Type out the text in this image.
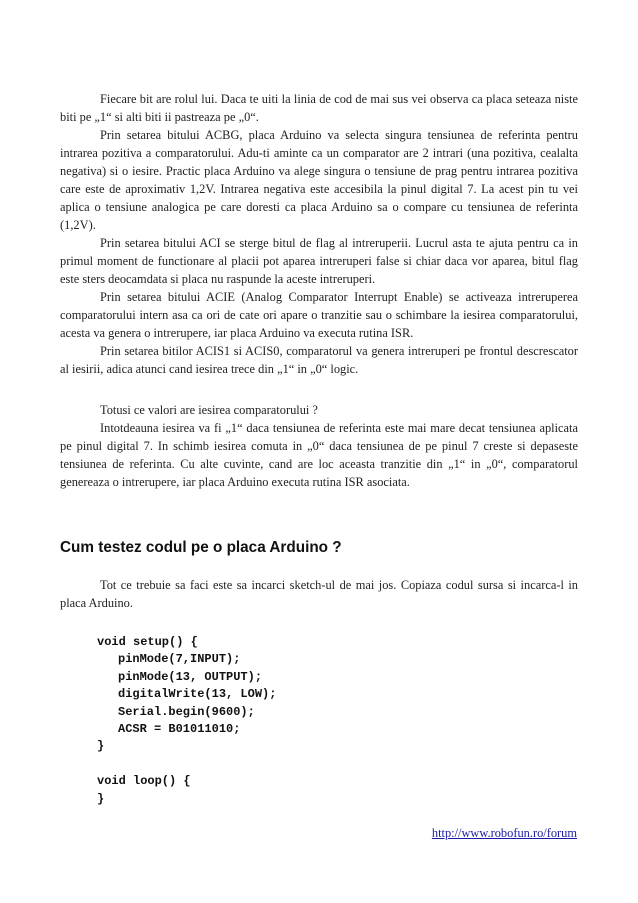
Fiecare bit are rolul lui. Daca te uiti la linia de cod de mai sus vei observa ca placa seteaza niste biti pe „1“ si alti biti ii pastreaza pe „0“.

Prin setarea bitului ACBG, placa Arduino va selecta singura tensiunea de referinta pentru intrarea pozitiva a comparatorului. Adu-ti aminte ca un comparator are 2 intrari (una pozitiva, cealalta negativa) si o iesire. Practic placa Arduino va alege singura o tensiune de prag pentru intrarea pozitiva care este de aproximativ 1,2V. Intrarea negativa este accesibila la pinul digital 7. La acest pin tu vei aplica o tensiune analogica pe care doresti ca placa Arduino sa o compare cu tensiunea de referinta (1,2V).

Prin setarea bitului ACI se sterge bitul de flag al intreruperii. Lucrul asta te ajuta pentru ca in primul moment de functionare al placii pot aparea intreruperi false si chiar daca vor aparea, bitul flag este sters deocamdata si placa nu raspunde la aceste intreruperi.

Prin setarea bitului ACIE (Analog Comparator Interrupt Enable) se activeaza intreruperea comparatorului intern asa ca ori de cate ori apare o tranzitie sau o schimbare la iesirea comparatorului, acesta va genera o intrerupere, iar placa Arduino va executa rutina ISR.

Prin setarea bitilor ACIS1 si ACIS0, comparatorul va genera intreruperi pe frontul descrescator al iesirii, adica atunci cand iesirea trece din „1“ in „0“ logic.

Totusi ce valori are iesirea comparatorului ?

Intotdeauna iesirea va fi „1“ daca tensiunea de referinta este mai mare decat tensiunea aplicata pe pinul digital 7. In schimb iesirea comuta in „0“ daca tensiunea de pe pinul 7 creste si depaseste tensiunea de referinta. Cu alte cuvinte, cand are loc aceasta tranzitie din „1“ in „0“, comparatorul genereaza o intrerupere, iar placa Arduino executa rutina ISR asociata.

Cum testez codul pe o placa Arduino ?

Tot ce trebuie sa faci este sa incarci sketch-ul de mai jos. Copiaza codul sursa si incarca-l in placa Arduino.

void setup() {
pinMode(7,INPUT);
pinMode(13, OUTPUT);
digitalWrite(13, LOW);
Serial.begin(9600);
ACSR = B01011010;
}
void loop() {
}
http://www.robofun.ro/forum
